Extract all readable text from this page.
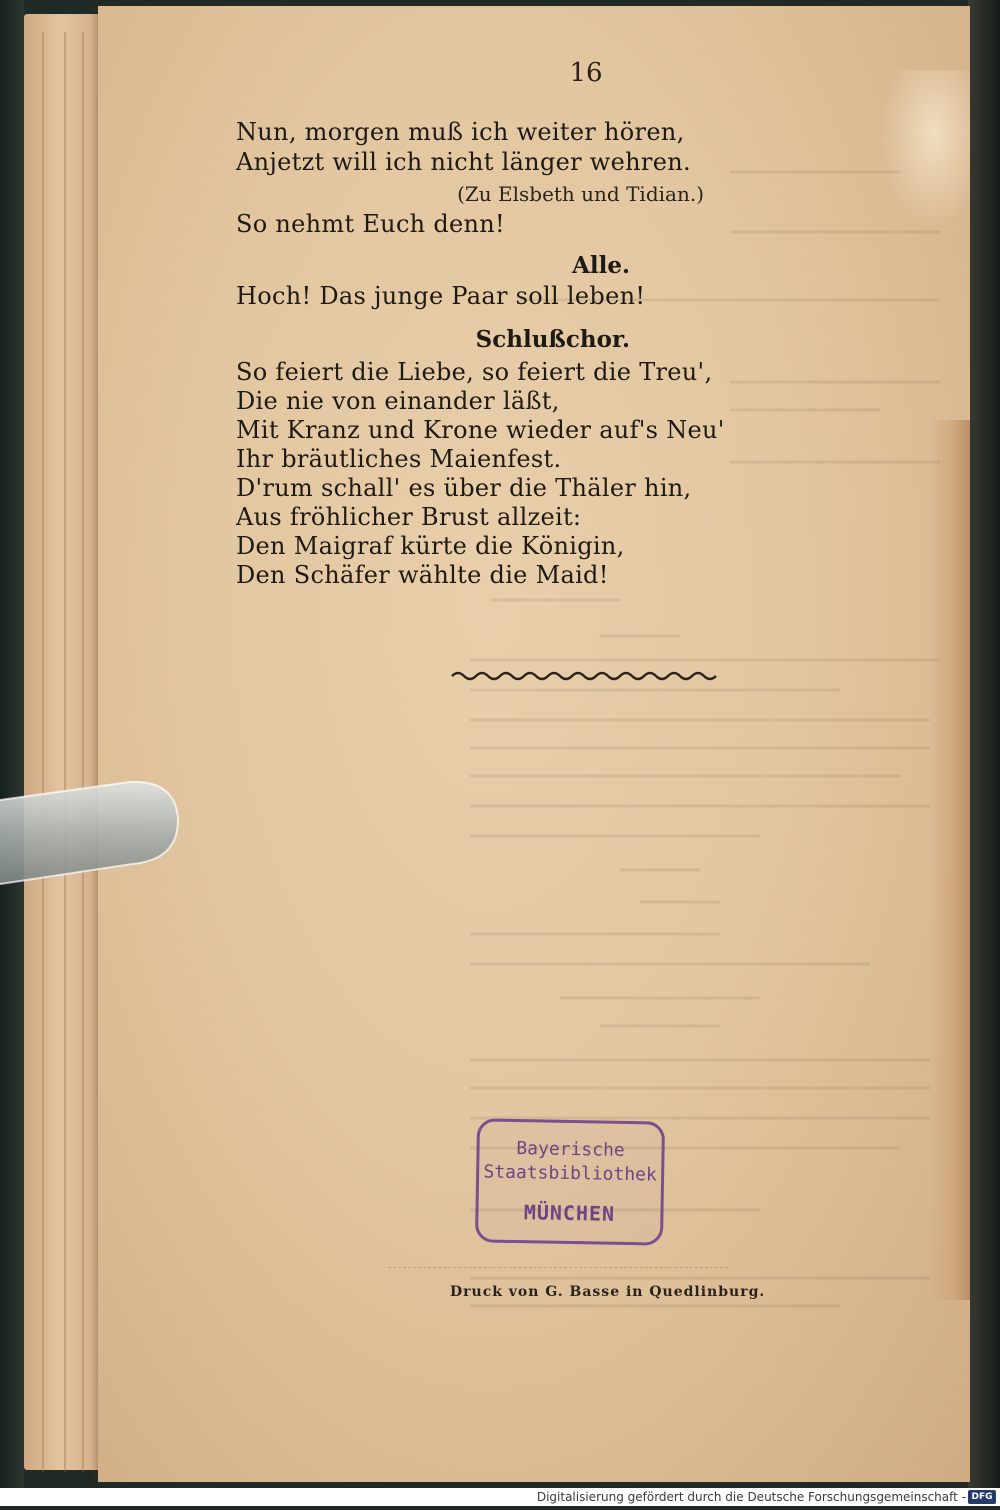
16
Nun, morgen muß ich weiter hören,
Anjetzt will ich nicht länger wehren.
(Zu Elsbeth und Tidian.)
So nehmt Euch denn!
Alle.
Hoch! Das junge Paar soll leben!
Schlußchor.
So feiert die Liebe, so feiert die Treu',
Die nie von einander läßt,
Mit Kranz und Krone wieder auf's Neu'
Ihr bräutliches Maienfest.
D'rum schall' es über die Thäler hin,
Aus fröhlicher Brust allzeit:
Den Maigraf kürte die Königin,
Den Schäfer wählte die Maid!
Bayerische
Staatsbibliothek
MÜNCHEN
Druck von G. Basse in Quedlinburg.
Digitalisierung gefördert durch die Deutsche Forschungsgemeinschaft - DFG
